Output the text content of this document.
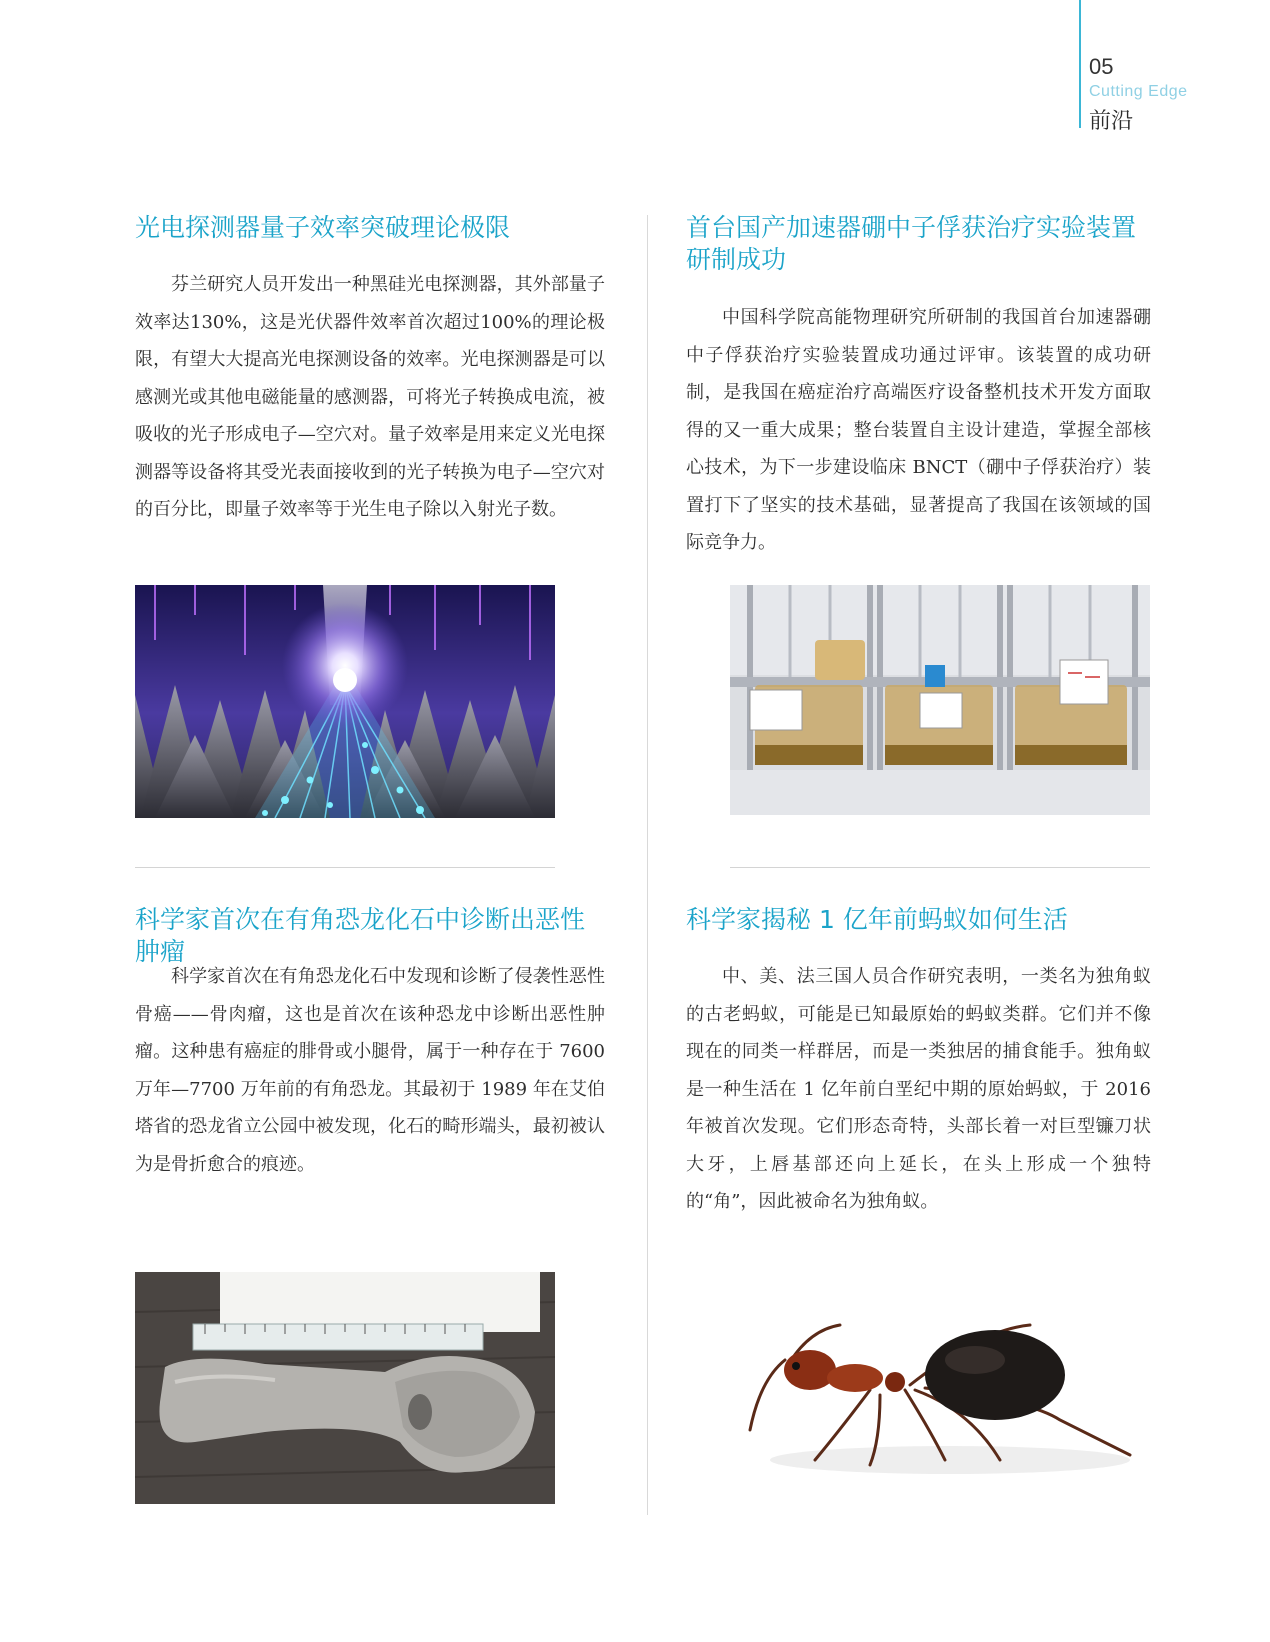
05
Cutting Edge
前沿
光电探测器量子效率突破理论极限

芬兰研究人员开发出一种黑硅光电探测器，其外部量子效率达130%，这是光伏器件效率首次超过100%的理论极限，有望大大提高光电探测设备的效率。光电探测器是可以感测光或其他电磁能量的感测器，可将光子转换成电流，被吸收的光子形成电子—空穴对。量子效率是用来定义光电探测器等设备将其受光表面接收到的光子转换为电子—空穴对的百分比，即量子效率等于光生电子除以入射光子数。

首台国产加速器硼中子俘获治疗实验装置研制成功

中国科学院高能物理研究所研制的我国首台加速器硼中子俘获治疗实验装置成功通过评审。该装置的成功研制，是我国在癌症治疗高端医疗设备整机技术开发方面取得的又一重大成果；整台装置自主设计建造，掌握全部核心技术，为下一步建设临床 BNCT（硼中子俘获治疗）装置打下了坚实的技术基础，显著提高了我国在该领域的国际竞争力。

科学家首次在有角恐龙化石中诊断出恶性肿瘤

科学家首次在有角恐龙化石中发现和诊断了侵袭性恶性骨癌——骨肉瘤，这也是首次在该种恐龙中诊断出恶性肿瘤。这种患有癌症的腓骨或小腿骨，属于一种存在于 7600 万年—7700 万年前的有角恐龙。其最初于 1989 年在艾伯塔省的恐龙省立公园中被发现，化石的畸形端头，最初被认为是骨折愈合的痕迹。

科学家揭秘 1 亿年前蚂蚁如何生活

中、美、法三国人员合作研究表明，一类名为独角蚁的古老蚂蚁，可能是已知最原始的蚂蚁类群。它们并不像现在的同类一样群居，而是一类独居的捕食能手。独角蚁是一种生活在 1 亿年前白垩纪中期的原始蚂蚁，于 2016 年被首次发现。它们形态奇特，头部长着一对巨型镰刀状大牙，上唇基部还向上延长，在头上形成一个独特的“角”，因此被命名为独角蚁。
